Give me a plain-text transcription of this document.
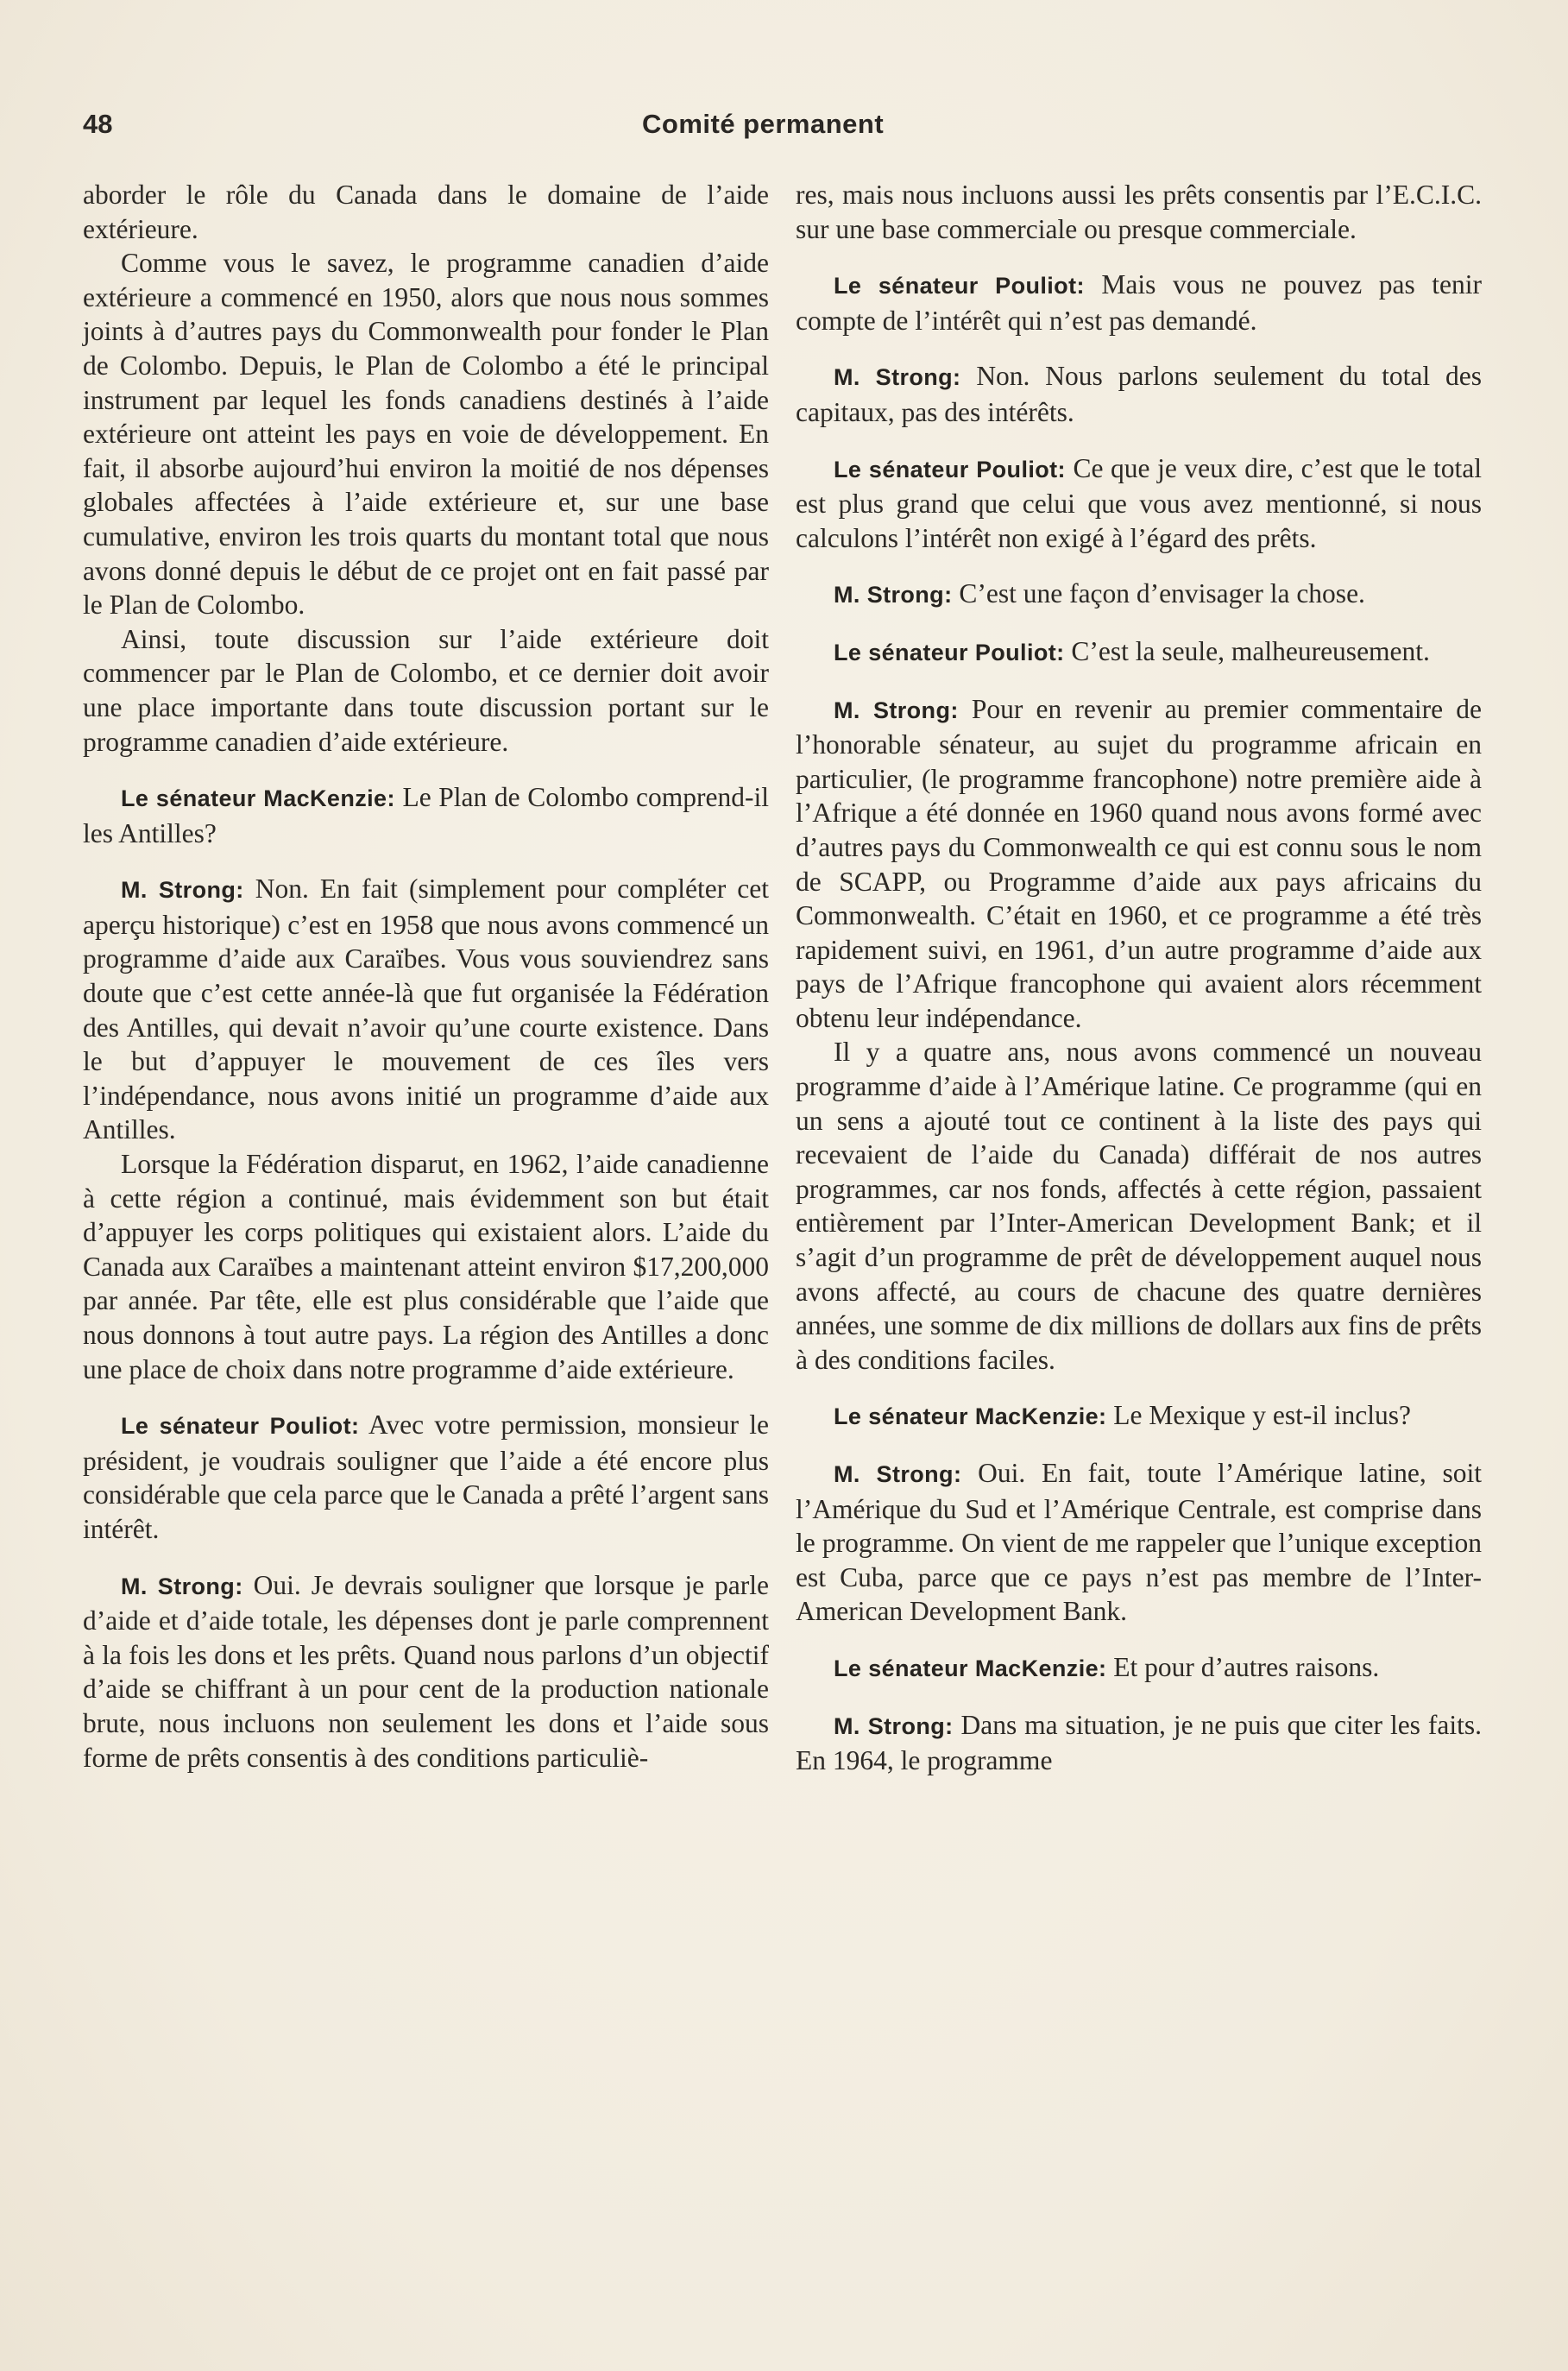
48	Comité permanent

aborder le rôle du Canada dans le domaine de l’aide extérieure.

Comme vous le savez, le programme canadien d’aide extérieure a commencé en 1950, alors que nous nous sommes joints à d’autres pays du Commonwealth pour fonder le Plan de Colombo. Depuis, le Plan de Colombo a été le principal instrument par lequel les fonds canadiens destinés à l’aide extérieure ont atteint les pays en voie de développement. En fait, il absorbe aujourd’hui environ la moitié de nos dépenses globales affectées à l’aide extérieure et, sur une base cumulative, environ les trois quarts du montant total que nous avons donné depuis le début de ce projet ont en fait passé par le Plan de Colombo.

Ainsi, toute discussion sur l’aide extérieure doit commencer par le Plan de Colombo, et ce dernier doit avoir une place importante dans toute discussion portant sur le programme canadien d’aide extérieure.

Le sénateur MacKenzie: Le Plan de Colombo comprend-il les Antilles?

M. Strong: Non. En fait (simplement pour compléter cet aperçu historique) c’est en 1958 que nous avons commencé un programme d’aide aux Caraïbes. Vous vous souviendrez sans doute que c’est cette année-là que fut organisée la Fédération des Antilles, qui devait n’avoir qu’une courte existence. Dans le but d’appuyer le mouvement de ces îles vers l’indépendance, nous avons initié un programme d’aide aux Antilles.

Lorsque la Fédération disparut, en 1962, l’aide canadienne à cette région a continué, mais évidemment son but était d’appuyer les corps politiques qui existaient alors. L’aide du Canada aux Caraïbes a maintenant atteint environ $17,200,000 par année. Par tête, elle est plus considérable que l’aide que nous donnons à tout autre pays. La région des Antilles a donc une place de choix dans notre programme d’aide extérieure.

Le sénateur Pouliot: Avec votre permission, monsieur le président, je voudrais souligner que l’aide a été encore plus considérable que cela parce que le Canada a prêté l’argent sans intérêt.

M. Strong: Oui. Je devrais souligner que lorsque je parle d’aide et d’aide totale, les dépenses dont je parle comprennent à la fois les dons et les prêts. Quand nous parlons d’un objectif d’aide se chiffrant à un pour cent de la production nationale brute, nous incluons non seulement les dons et l’aide sous forme de prêts consentis à des conditions particuliè-

res, mais nous incluons aussi les prêts consentis par l’E.C.I.C. sur une base commerciale ou presque commerciale.

Le sénateur Pouliot: Mais vous ne pouvez pas tenir compte de l’intérêt qui n’est pas demandé.

M. Strong: Non. Nous parlons seulement du total des capitaux, pas des intérêts.

Le sénateur Pouliot: Ce que je veux dire, c’est que le total est plus grand que celui que vous avez mentionné, si nous calculons l’intérêt non exigé à l’égard des prêts.

M. Strong: C’est une façon d’envisager la chose.

Le sénateur Pouliot: C’est la seule, malheureusement.

M. Strong: Pour en revenir au premier commentaire de l’honorable sénateur, au sujet du programme africain en particulier, (le programme francophone) notre première aide à l’Afrique a été donnée en 1960 quand nous avons formé avec d’autres pays du Commonwealth ce qui est connu sous le nom de SCAPP, ou Programme d’aide aux pays africains du Commonwealth. C’était en 1960, et ce programme a été très rapidement suivi, en 1961, d’un autre programme d’aide aux pays de l’Afrique francophone qui avaient alors récemment obtenu leur indépendance.

Il y a quatre ans, nous avons commencé un nouveau programme d’aide à l’Amérique latine. Ce programme (qui en un sens a ajouté tout ce continent à la liste des pays qui recevaient de l’aide du Canada) différait de nos autres programmes, car nos fonds, affectés à cette région, passaient entièrement par l’Inter-American Development Bank; et il s’agit d’un programme de prêt de développement auquel nous avons affecté, au cours de chacune des quatre dernières années, une somme de dix millions de dollars aux fins de prêts à des conditions faciles.

Le sénateur MacKenzie: Le Mexique y est-il inclus?

M. Strong: Oui. En fait, toute l’Amérique latine, soit l’Amérique du Sud et l’Amérique Centrale, est comprise dans le programme. On vient de me rappeler que l’unique exception est Cuba, parce que ce pays n’est pas membre de l’Inter-American Development Bank.

Le sénateur MacKenzie: Et pour d’autres raisons.

M. Strong: Dans ma situation, je ne puis que citer les faits. En 1964, le programme
